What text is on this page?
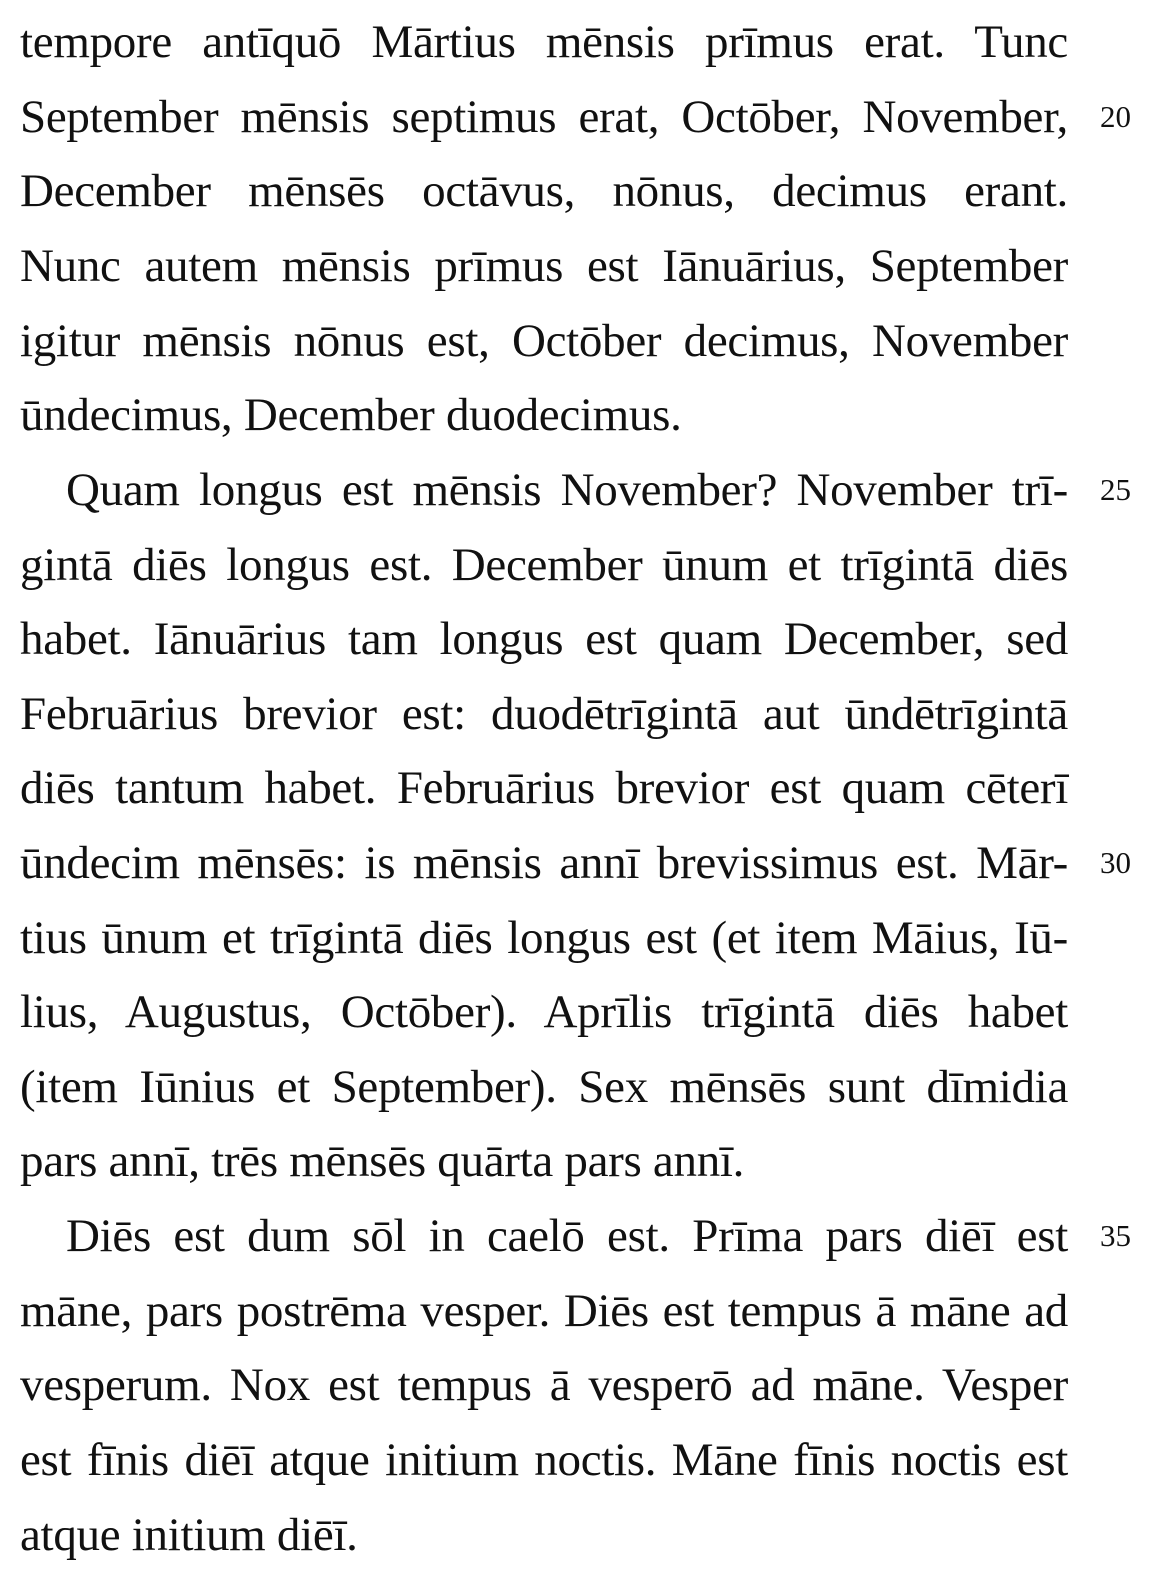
tempore antīquō Mārtius mēnsis prīmus erat. Tunc
September mēnsis septimus erat, Octōber, November,
December mēnsēs octāvus, nōnus, decimus erant.
Nunc autem mēnsis prīmus est Iānuārius, September
igitur mēnsis nōnus est, Octōber decimus, November
ūndecimus, December duodecimus.
Quam longus est mēnsis November? November trī-
gintā diēs longus est. December ūnum et trīgintā diēs
habet. Iānuārius tam longus est quam December, sed
Februārius brevior est: duodētrīgintā aut ūndētrīgintā
diēs tantum habet. Februārius brevior est quam cēterī
ūndecim mēnsēs: is mēnsis annī brevissimus est. Mār-
tius ūnum et trīgintā diēs longus est (et item Māius, Iū-
lius, Augustus, Octōber). Aprīlis trīgintā diēs habet
(item Iūnius et September). Sex mēnsēs sunt dīmidia
pars annī, trēs mēnsēs quārta pars annī.
Diēs est dum sōl in caelō est. Prīma pars diēī est
māne, pars postrēma vesper. Diēs est tempus ā māne ad
vesperum. Nox est tempus ā vesperō ad māne. Vesper
est fīnis diēī atque initium noctis. Māne fīnis noctis est
atque initium diēī.
20
25
30
35
